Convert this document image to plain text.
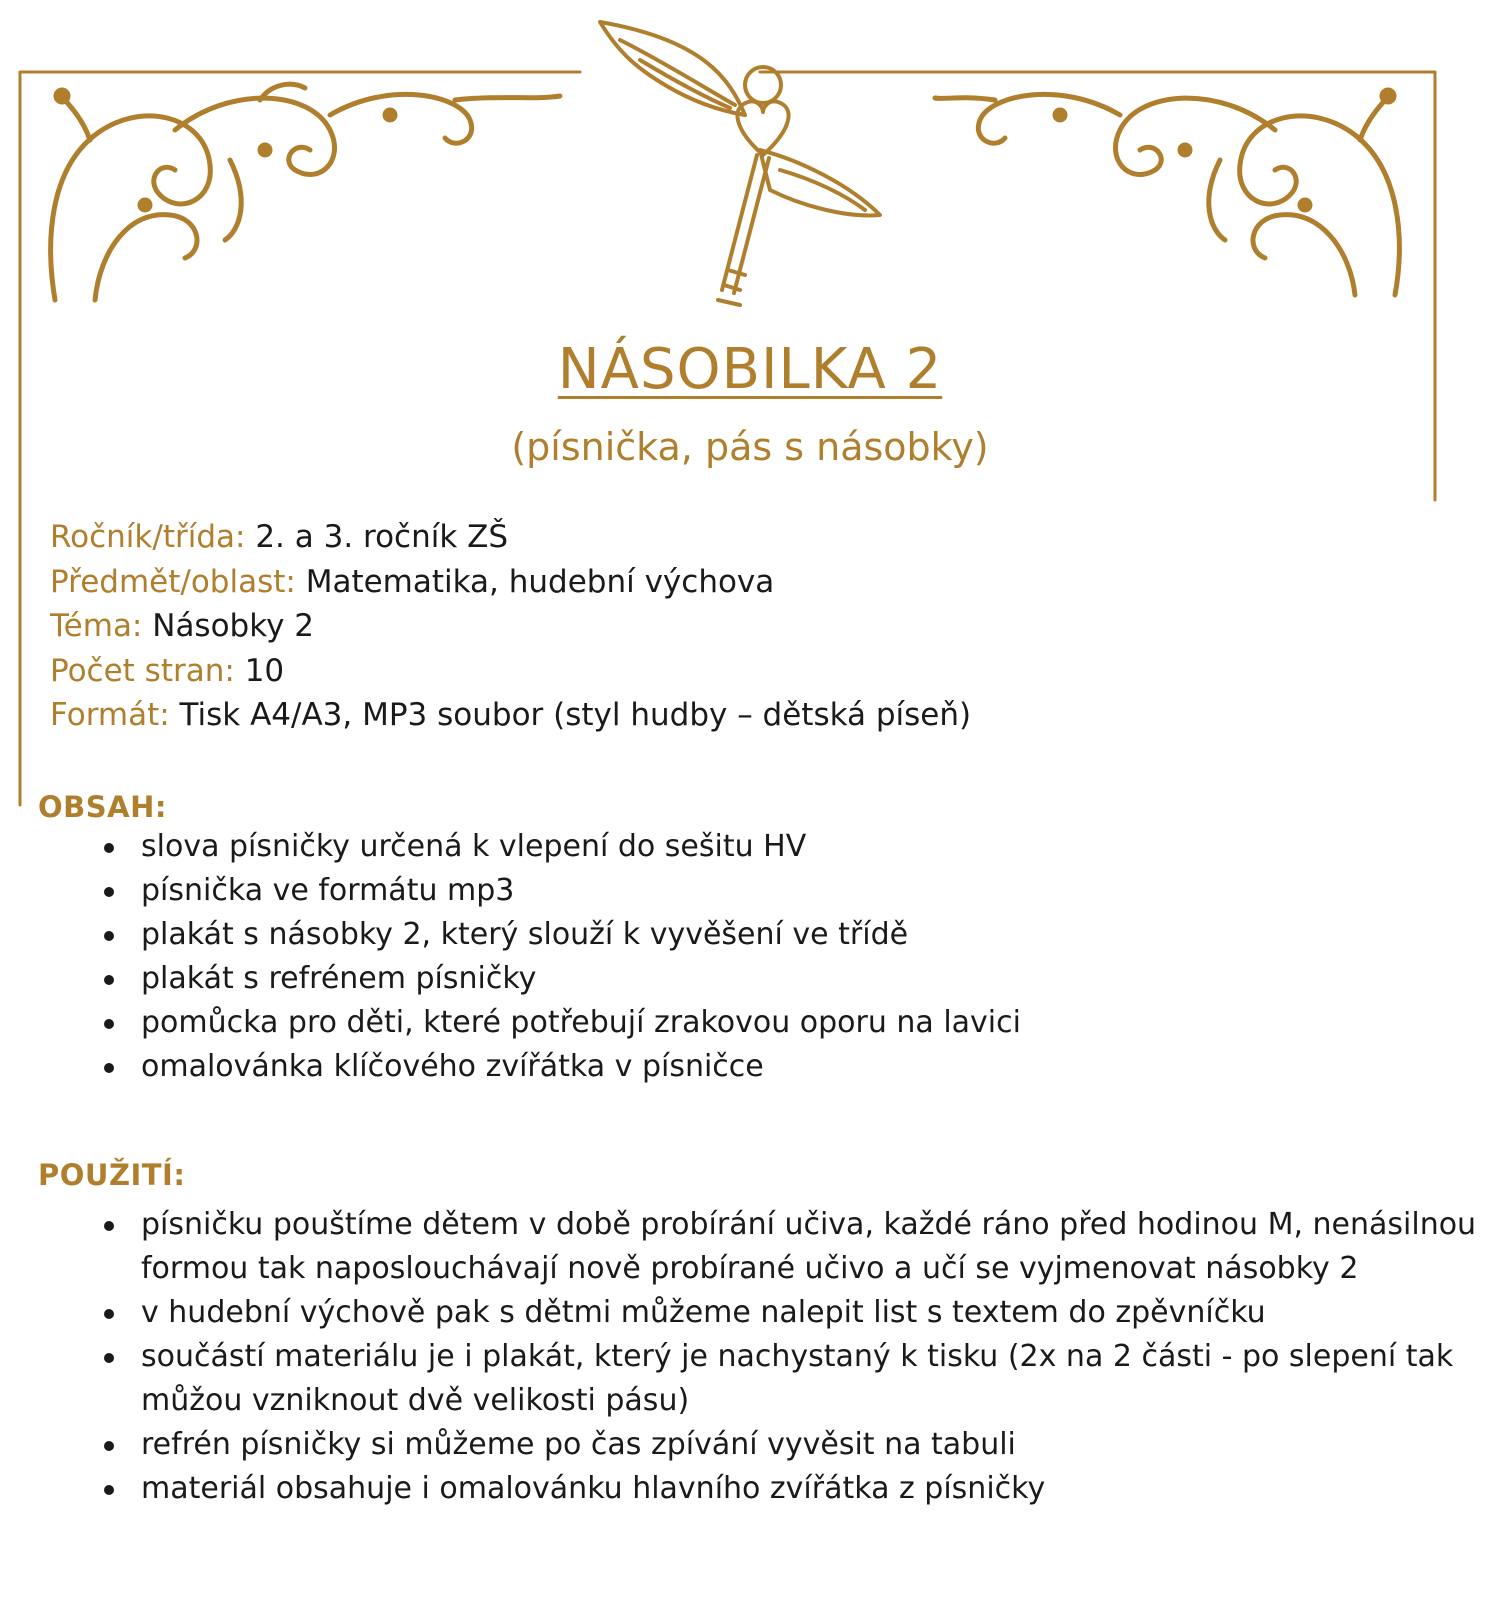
NÁSOBILKA 2
(písnička, pás s násobky)
Ročník/třída: 2. a 3. ročník ZŠ
Předmět/oblast: Matematika, hudební výchova
Téma: Násobky 2
Počet stran: 10
Formát: Tisk A4/A3, MP3 soubor (styl hudby – dětská píseň)
OBSAH:
slova písničky určená k vlepení do sešitu HV
písnička ve formátu mp3
plakát s násobky 2, který slouží k vyvěšení ve třídě
plakát s refrénem písničky
pomůcka pro děti, které potřebují zrakovou oporu na lavici
omalovánka klíčového zvířátka v písničce
POUŽITÍ:
písničku pouštíme dětem v době probírání učiva, každé ráno před hodinou M, nenásilnou formou tak naposlouchávají nově probírané učivo a učí se vyjmenovat násobky 2
v hudební výchově pak s dětmi můžeme nalepit list s textem do zpěvníčku
součástí materiálu je i plakát, který je nachystaný k tisku (2x na 2 části - po slepení tak můžou vzniknout dvě velikosti pásu)
refrén písničky si můžeme po čas zpívání vyvěsit na tabuli
materiál obsahuje i omalovánku hlavního zvířátka z písničky
